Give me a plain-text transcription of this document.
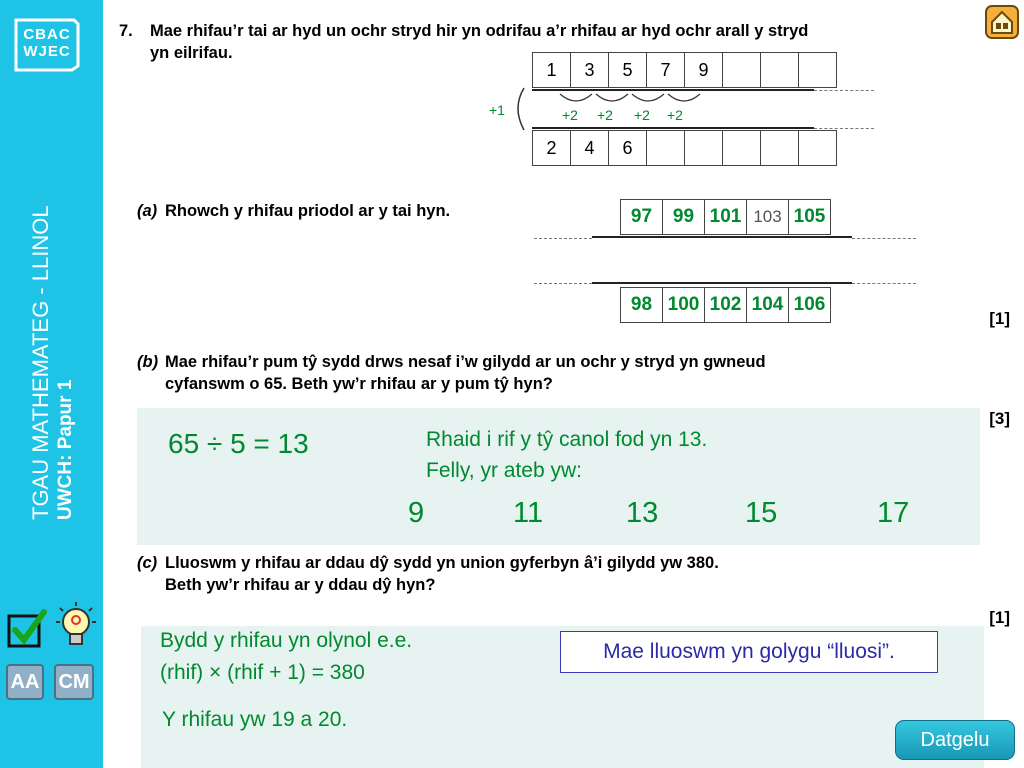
CBAC
WJEC
TGAU MATHEMATEG - LLINOL UWCH: Papur 1
AA CM
7. Mae rhifau’r tai ar hyd un ochr stryd hir yn odrifau a’r rhifau ar hyd ochr arall y stryd
yn eilrifau.
1	3	5	7	9
2	4	6
+1	+2 +2 +2 +2
(a) Rhowch y rhifau priodol ar y tai hyn.	97	99 101 103 105
98 100 102 104 106
[1]
(b) Mae rhifau’r pum tŷ sydd drws nesaf i’w gilydd ar un ochr y stryd yn gwneud
cyfanswm o 65. Beth yw’r rhifau ar y pum tŷ hyn?
[3]
65 ÷ 5 = 13	Rhaid i rif y tŷ canol fod yn 13.
Felly, yr ateb yw:
9	11	13	15	17
(c) Lluoswm y rhifau ar ddau dŷ sydd yn union gyferbyn â’i gilydd yw 380.
Beth yw’r rhifau ar y ddau dŷ hyn?
[1]
Bydd y rhifau yn olynol e.e.
(rhif) × (rhif + 1) = 380
Y rhifau yw 19 a 20.
Mae lluoswm yn golygu “lluosi”.
Datgelu
